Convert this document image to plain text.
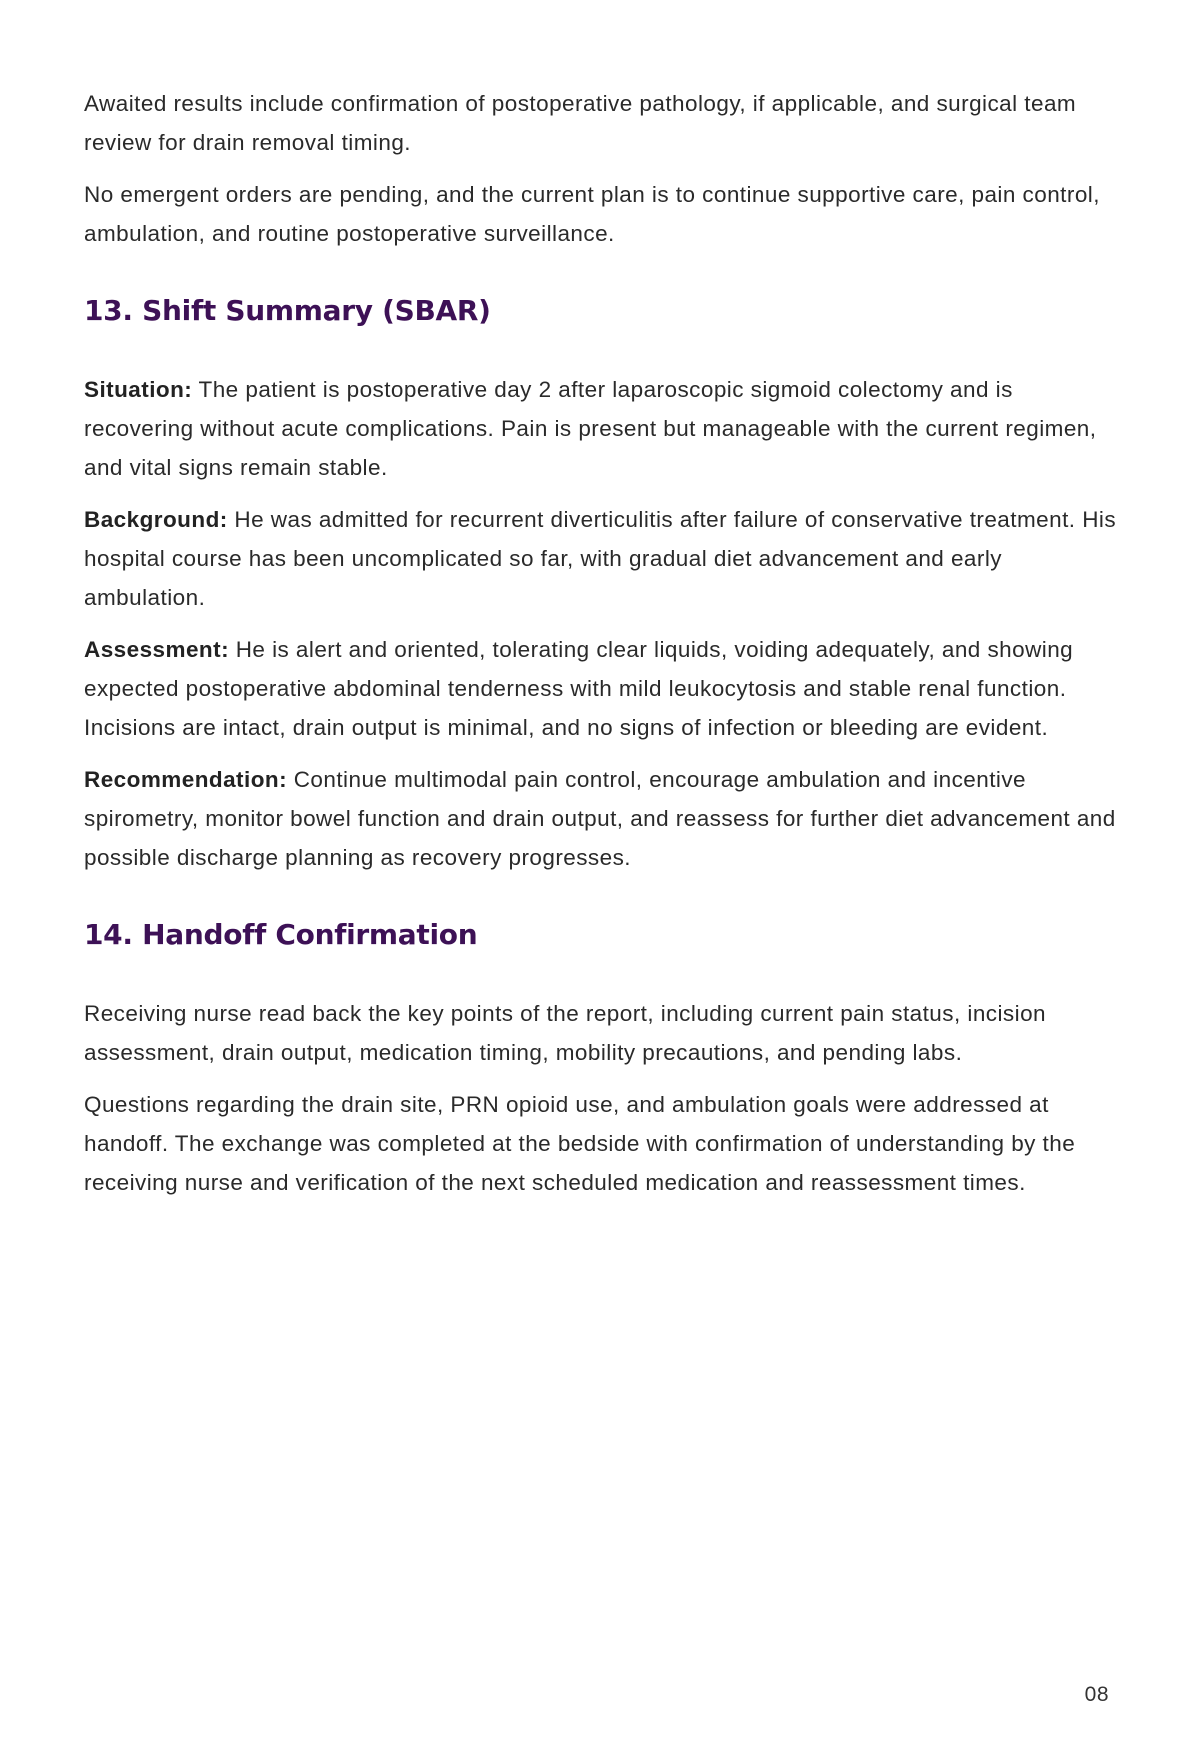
Awaited results include confirmation of postoperative pathology, if applicable, and surgical team review for drain removal timing.

No emergent orders are pending, and the current plan is to continue supportive care, pain control, ambulation, and routine postoperative surveillance.

13. Shift Summary (SBAR)

Situation: The patient is postoperative day 2 after laparoscopic sigmoid colectomy and is recovering without acute complications. Pain is present but manageable with the current regimen, and vital signs remain stable.

Background: He was admitted for recurrent diverticulitis after failure of conservative treatment. His hospital course has been uncomplicated so far, with gradual diet advancement and early ambulation.

Assessment: He is alert and oriented, tolerating clear liquids, voiding adequately, and showing expected postoperative abdominal tenderness with mild leukocytosis and stable renal function. Incisions are intact, drain output is minimal, and no signs of infection or bleeding are evident.

Recommendation: Continue multimodal pain control, encourage ambulation and incentive spirometry, monitor bowel function and drain output, and reassess for further diet advancement and possible discharge planning as recovery progresses.

14. Handoff Confirmation

Receiving nurse read back the key points of the report, including current pain status, incision assessment, drain output, medication timing, mobility precautions, and pending labs.

Questions regarding the drain site, PRN opioid use, and ambulation goals were addressed at handoff. The exchange was completed at the bedside with confirmation of understanding by the receiving nurse and verification of the next scheduled medication and reassessment times.

08
